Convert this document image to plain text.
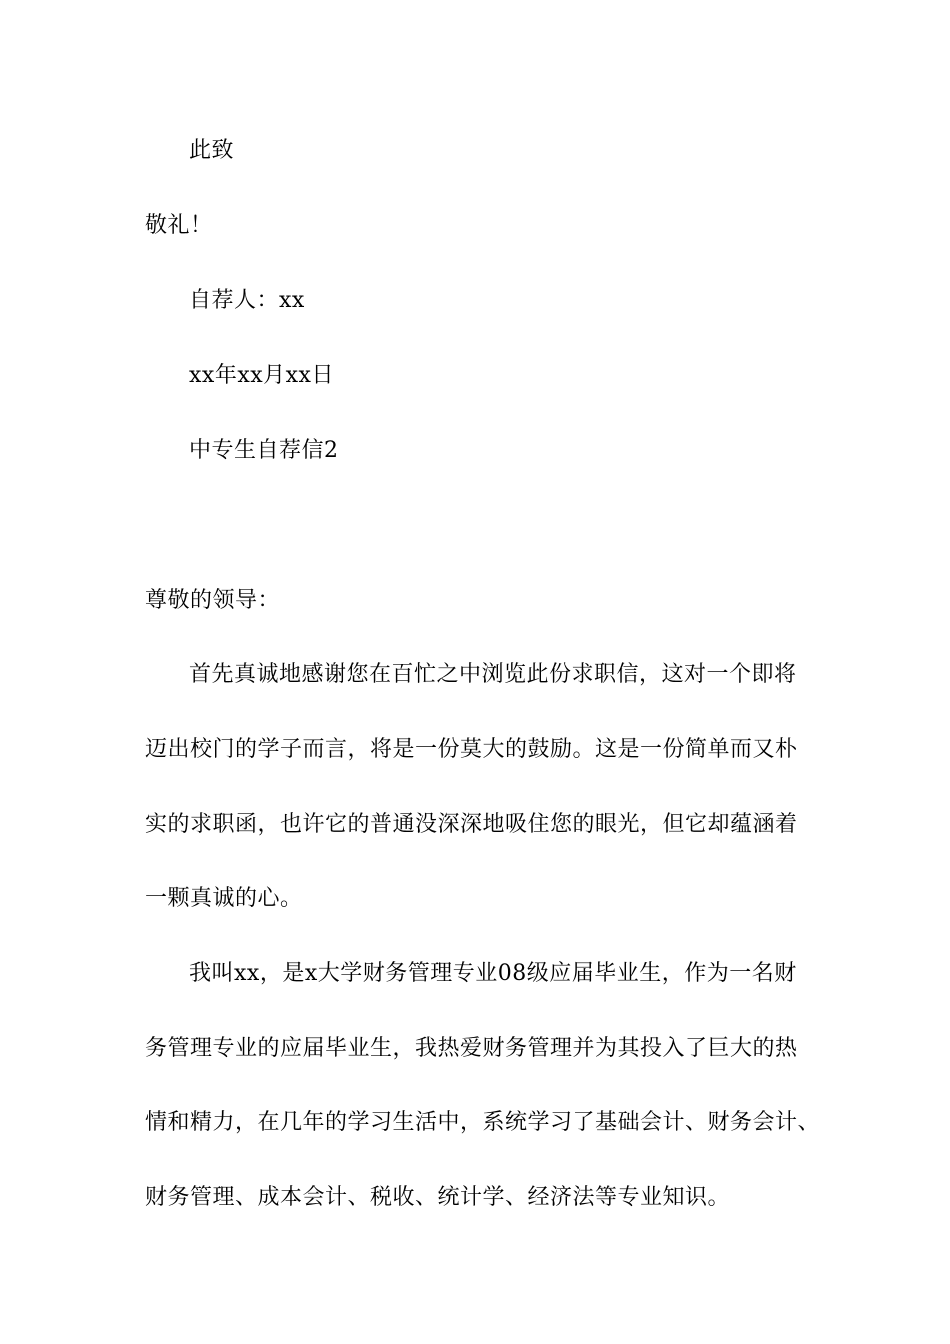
此致
敬礼！
自荐人：xx
xx年xx月xx日
中专生自荐信2
尊敬的领导：
首先真诚地感谢您在百忙之中浏览此份求职信，这对一个即将
迈出校门的学子而言，将是一份莫大的鼓励。这是一份简单而又朴
实的求职函，也许它的普通没深深地吸住您的眼光，但它却蕴涵着
一颗真诚的心。
我叫xx，是x大学财务管理专业08级应届毕业生，作为一名财
务管理专业的应届毕业生，我热爱财务管理并为其投入了巨大的热
情和精力，在几年的学习生活中，系统学习了基础会计、财务会计、
财务管理、成本会计、税收、统计学、经济法等专业知识。
